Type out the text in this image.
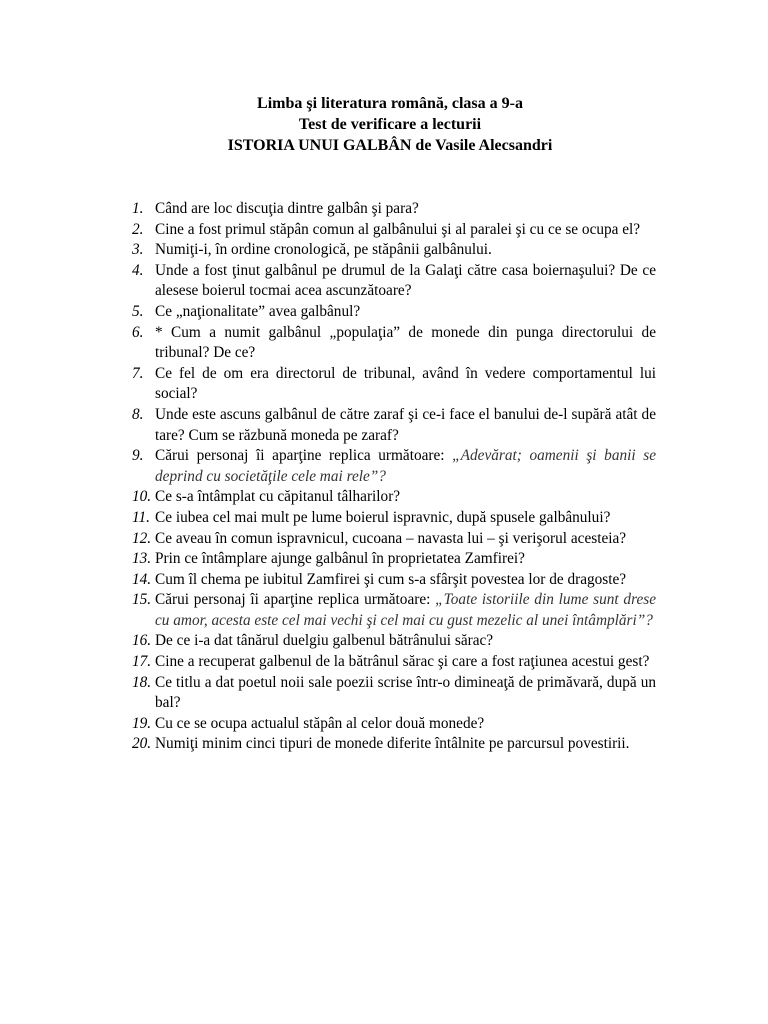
Limba şi literatura română, clasa a 9-a
Test de verificare a lecturii
ISTORIA UNUI GALBÂN de Vasile Alecsandri
1. Când are loc discuţia dintre galbân şi para?
2. Cine a fost primul stăpân comun al galbânului şi al paralei şi cu ce se ocupa el?
3. Numiţi-i, în ordine cronologică, pe stăpânii galbânului.
4. Unde a fost ţinut galbânul pe drumul de la Galaţi către casa boiernaşului? De ce alesese boierul tocmai acea ascunzătoare?
5. Ce „naţionalitate” avea galbânul?
6. * Cum a numit galbânul „populaţia” de monede din punga directorului de tribunal? De ce?
7. Ce fel de om era directorul de tribunal, având în vedere comportamentul lui social?
8. Unde este ascuns galbânul de către zaraf şi ce-i face el banului de-l supără atât de tare? Cum se răzbună moneda pe zaraf?
9. Cărui personaj îi aparţine replica următoare: „Adevărat; oamenii şi banii se deprind cu societăţile cele mai rele”?
10. Ce s-a întâmplat cu căpitanul tâlharilor?
11. Ce iubea cel mai mult pe lume boierul ispravnic, după spusele galbânului?
12. Ce aveau în comun ispravnicul, cucoana – navasta lui – şi verişorul acesteia?
13. Prin ce întâmplare ajunge galbânul în proprietatea Zamfirei?
14. Cum îl chema pe iubitul Zamfirei şi cum s-a sfârşit povestea lor de dragoste?
15. Cărui personaj îi aparţine replica următoare: „Toate istoriile din lume sunt drese cu amor, acesta este cel mai vechi şi cel mai cu gust mezelic al unei întâmplări”?
16. De ce i-a dat tânărul duelgiu galbenul bătrânului sărac?
17. Cine a recuperat galbenul de la bătrânul sărac şi care a fost raţiunea acestui gest?
18. Ce titlu a dat poetul noii sale poezii scrise într-o dimineaţă de primăvară, după un bal?
19. Cu ce se ocupa actualul stăpân al celor două monede?
20. Numiţi minim cinci tipuri de monede diferite întâlnite pe parcursul povestirii.
